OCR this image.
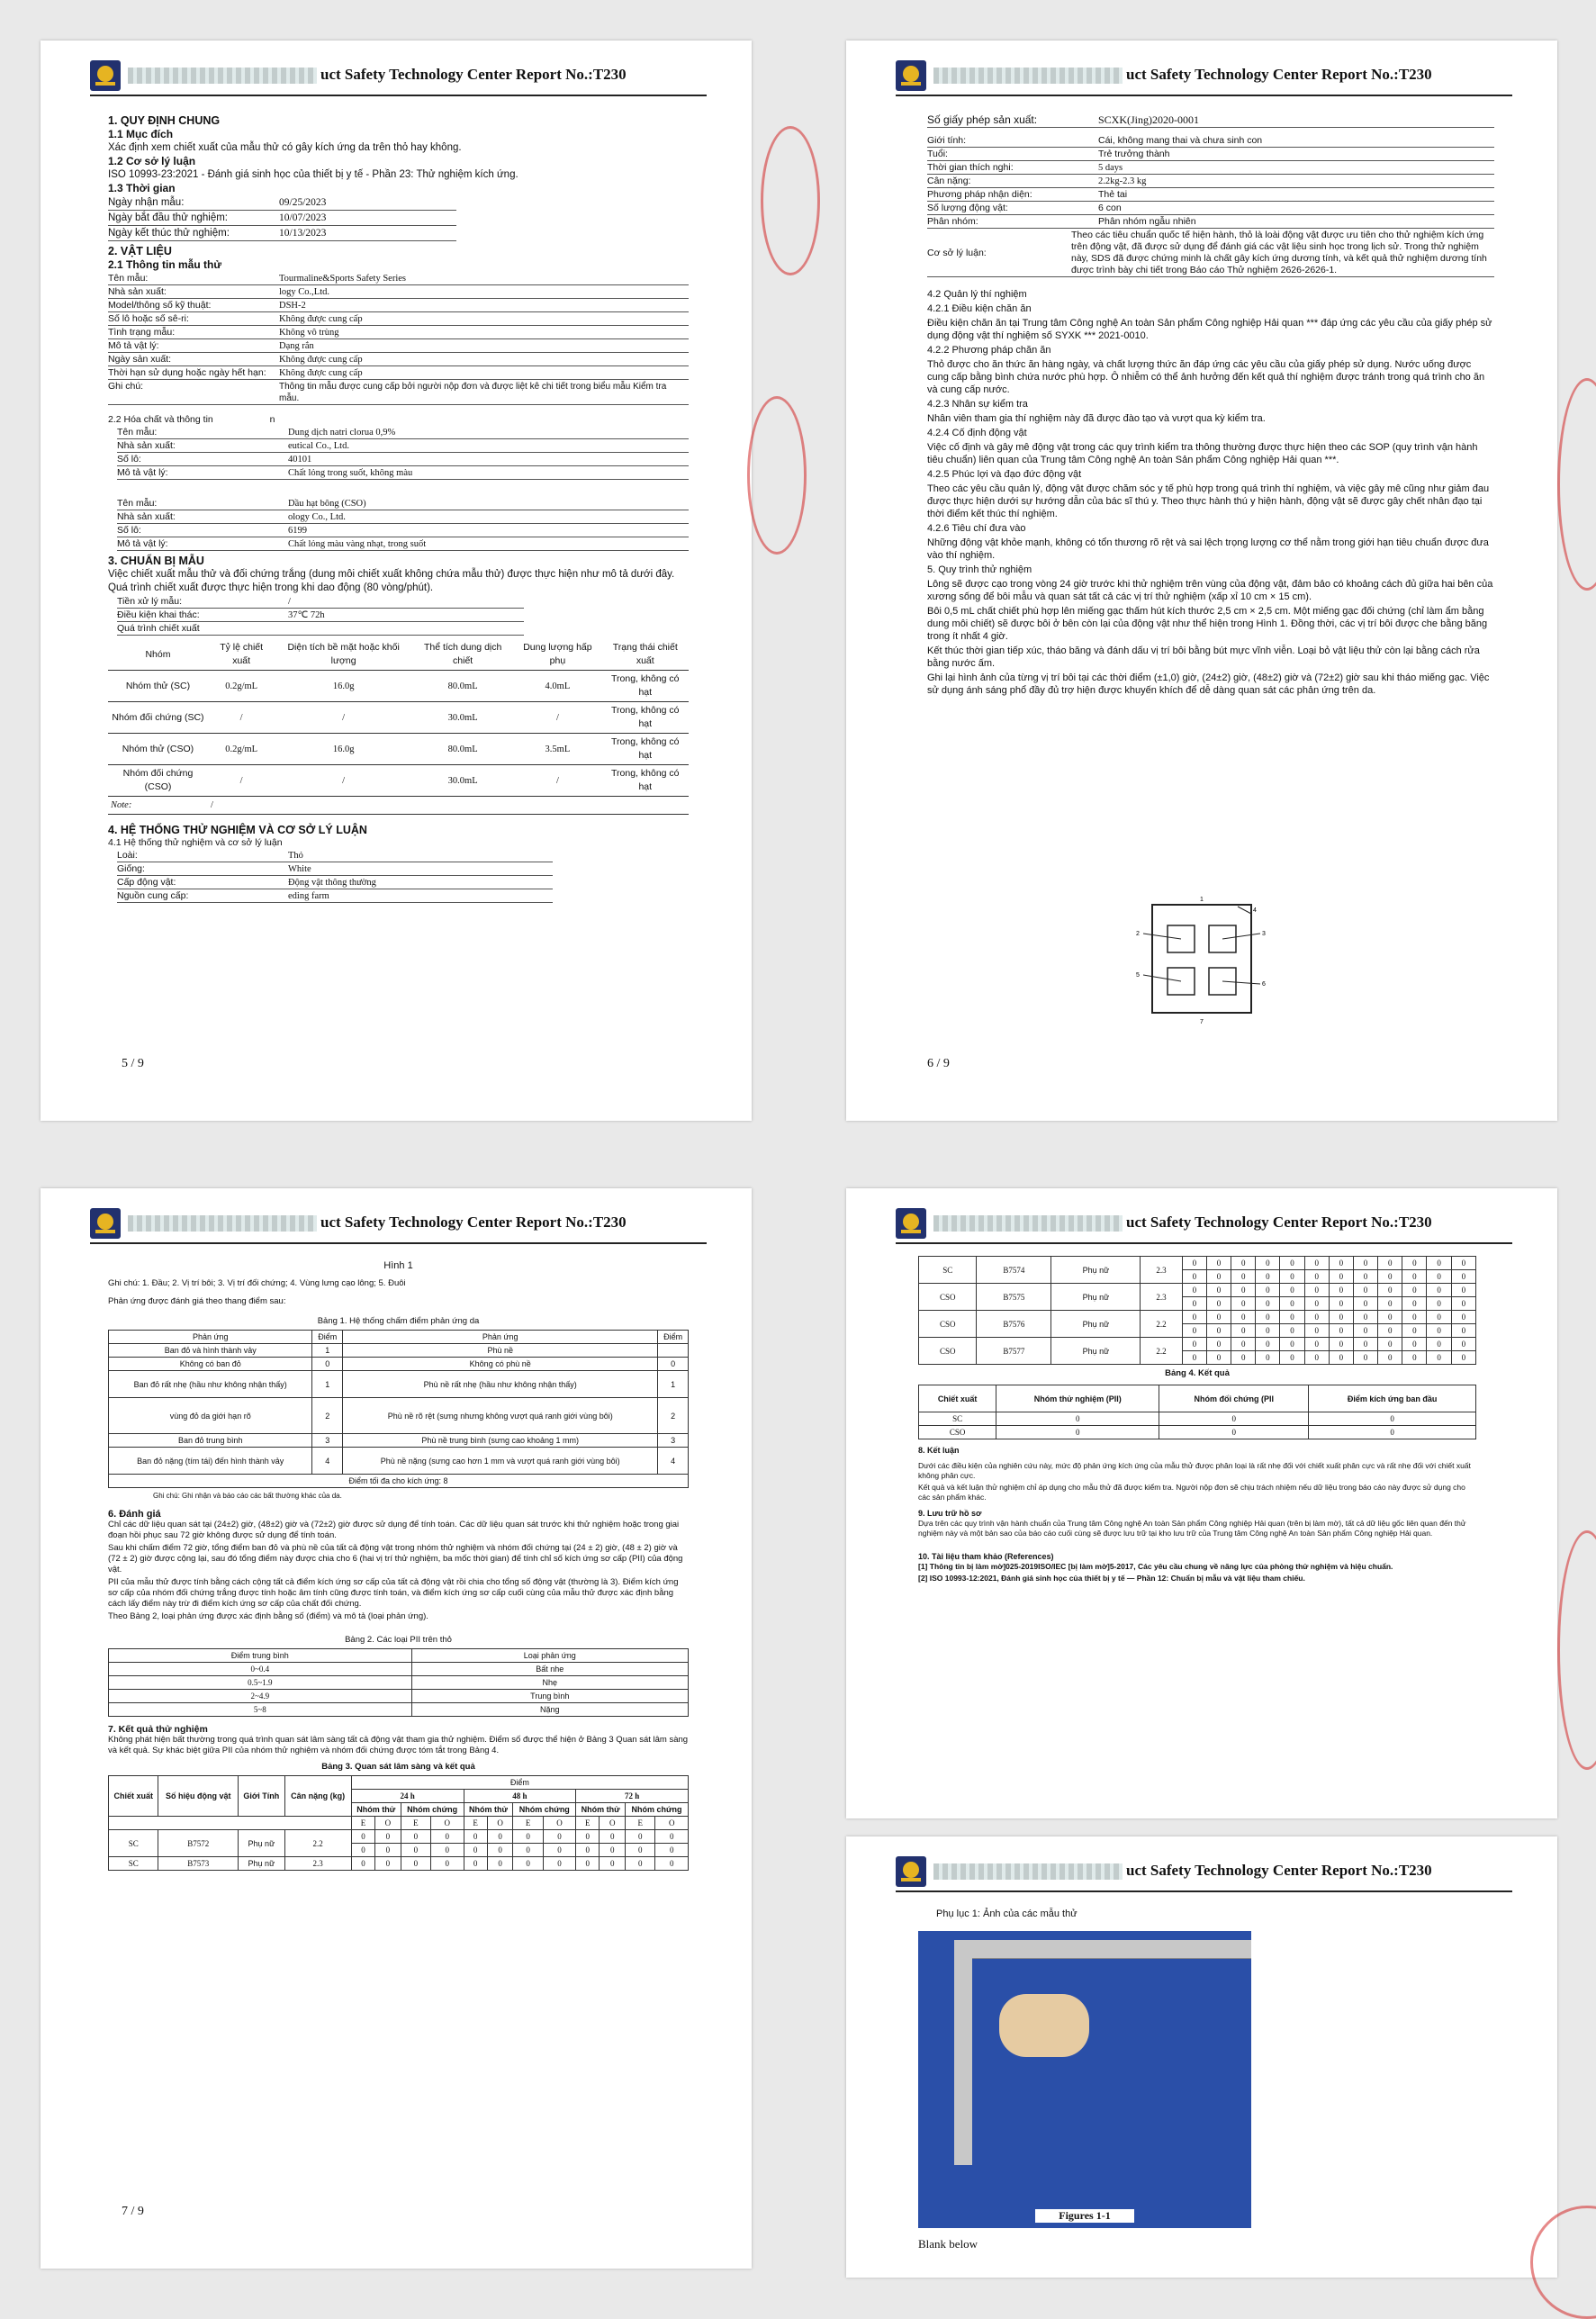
uct Safety Technology Center Report No.:T230
1. QUY ĐỊNH CHUNG
1.1 Mục đích
Xác định xem chiết xuất của mẫu thử có gây kích ứng da trên thỏ hay không.
1.2 Cơ sở lý luận
ISO 10993-23:2021 - Đánh giá sinh học của thiết bị y tế - Phần 23: Thử nghiệm kích ứng.
1.3 Thời gian
Ngày nhận mẫu:	09/25/2023
Ngày bắt đầu thử nghiệm:	10/07/2023
Ngày kết thúc thử nghiệm:	10/13/2023
2. VẬT LIỆU
2.1 Thông tin mẫu thử
Tên mẫu:	Tourmaline&Sports Safety Series
Nhà sản xuất:	logy Co.,Ltd.
Model/thông số kỹ thuật:	DSH-2
Số lô hoặc số sê-ri:	Không được cung cấp
Tình trạng mẫu:	Không vô trùng
Mô tả vật lý:	Dạng rắn
Ngày sản xuất:	Không được cung cấp
Thời hạn sử dụng hoặc ngày hết hạn:	Không được cung cấp
Ghi chú:	Thông tin mẫu được cung cấp bởi người nộp đơn và được liệt kê chi tiết trong biểu mẫu Kiểm tra mẫu.
2.2 Hóa chất và thông tin	n
Tên mẫu:	Dung dịch natri clorua 0,9%
Nhà sản xuất:	eutical Co., Ltd.
Số lô:	40101
Mô tả vật lý:	Chất lỏng trong suốt, không màu
Tên mẫu:	Dầu hạt bông (CSO)
Nhà sản xuất:	ology Co., Ltd.
Số lô:	6199
Mô tả vật lý:	Chất lỏng màu vàng nhạt, trong suốt
3. CHUẨN BỊ MẪU
Việc chiết xuất mẫu thử và đối chứng trắng (dung môi chiết xuất không chứa mẫu thử) được thực hiện như mô tả dưới đây. Quá trình chiết xuất được thực hiện trong khi dao động (80 vòng/phút).
Tiền xử lý mẫu:	/
Điều kiện khai thác:	37℃ 72h
Quá trình chiết xuất
Nhóm	Tỷ lệ chiết xuất	Diện tích bề mặt hoặc khối lượng	Thể tích dung dịch chiết	Dung lượng hấp phụ	Trạng thái chiết xuất
Nhóm thử (SC)	0.2g/mL	16.0g	80.0mL	4.0mL	Trong, không có hạt
Nhóm đối chứng (SC)	/	/	30.0mL	/	Trong, không có hạt
Nhóm thử (CSO)	0.2g/mL	16.0g	80.0mL	3.5mL	Trong, không có hạt
Nhóm đối chứng (CSO)	/	/	30.0mL	/	Trong, không có hạt
Note:	/				
4. HỆ THỐNG THỬ NGHIỆM VÀ CƠ SỞ LÝ LUẬN
4.1 Hệ thống thử nghiệm và cơ sở lý luận
Loài:	Thỏ
Giống:	White
Cấp động vật:	Động vật thông thường
Nguồn cung cấp:	eding farm
5 / 9
uct Safety Technology Center Report No.:T230
Số giấy phép sản xuất:	SCXK(Jing)2020-0001
Giới tính:	Cái, không mang thai và chưa sinh con
Tuổi:	Trẻ trưởng thành
Thời gian thích nghi:	5 days
Cân nặng:	2.2kg-2.3 kg
Phương pháp nhận diện:	Thẻ tai
Số lượng động vật:	6 con
Phân nhóm:	Phân nhóm ngẫu nhiên
Cơ sở lý luận:
Theo các tiêu chuẩn quốc tế hiện hành, thỏ là loài động vật được ưu tiên cho thử nghiệm kích ứng trên động vật, đã được sử dụng để đánh giá các vật liệu sinh học trong lịch sử. Trong thử nghiệm này, SDS đã được chứng minh là chất gây kích ứng dương tính, và kết quả thử nghiệm dương tính được trình bày chi tiết trong Báo cáo Thử nghiệm 2626-2626-1.

4.2 Quản lý thí nghiệm

4.2.1 Điều kiện chăn ăn

Điều kiện chăn ăn tại Trung tâm Công nghệ An toàn Sản phẩm Công nghiệp Hải quan *** đáp ứng các yêu cầu của giấy phép sử dụng động vật thí nghiệm số SYXK *** 2021-0010.

4.2.2 Phương pháp chăn ăn

Thỏ được cho ăn thức ăn hàng ngày, và chất lượng thức ăn đáp ứng các yêu cầu của giấy phép sử dụng. Nước uống được cung cấp bằng bình chứa nước phù hợp. Ô nhiễm có thể ảnh hưởng đến kết quả thí nghiệm được tránh trong quá trình cho ăn và cung cấp nước.

4.2.3 Nhân sự kiểm tra

Nhân viên tham gia thí nghiệm này đã được đào tạo và vượt qua kỳ kiểm tra.

4.2.4 Cố định động vật

Việc cố định và gây mê động vật trong các quy trình kiểm tra thông thường được thực hiện theo các SOP (quy trình vận hành tiêu chuẩn) liên quan của Trung tâm Công nghệ An toàn Sản phẩm Công nghiệp Hải quan ***.

4.2.5 Phúc lợi và đạo đức động vật

Theo các yêu cầu quản lý, động vật được chăm sóc y tế phù hợp trong quá trình thí nghiệm, và việc gây mê cũng như giảm đau được thực hiện dưới sự hướng dẫn của bác sĩ thú y. Theo thực hành thú y hiện hành, động vật sẽ được gây chết nhân đạo tại thời điểm kết thúc thí nghiệm.

4.2.6 Tiêu chí đưa vào

Những động vật khỏe mạnh, không có tổn thương rõ rệt và sai lệch trọng lượng cơ thể nằm trong giới hạn tiêu chuẩn được đưa vào thí nghiệm.

5. Quy trình thử nghiệm

Lông sẽ được cạo trong vòng 24 giờ trước khi thử nghiệm trên vùng của động vật, đảm bảo có khoảng cách đủ giữa hai bên của xương sống để bôi mẫu và quan sát tất cả các vị trí thử nghiệm (xấp xỉ 10 cm × 15 cm).

Bôi 0,5 mL chất chiết phù hợp lên miếng gạc thấm hút kích thước 2,5 cm × 2,5 cm. Một miếng gạc đối chứng (chỉ làm ẩm bằng dung môi chiết) sẽ được bôi ở bên còn lại của động vật như thể hiện trong Hình 1. Đồng thời, các vị trí bôi được che bằng băng trong ít nhất 4 giờ.

Kết thúc thời gian tiếp xúc, tháo băng và đánh dấu vị trí bôi bằng bút mực vĩnh viễn. Loại bỏ vật liệu thử còn lại bằng cách rửa bằng nước ấm.

Ghi lại hình ảnh của từng vị trí bôi tại các thời điểm (±1,0) giờ, (24±2) giờ, (48±2) giờ và (72±2) giờ sau khi tháo miếng gạc. Việc sử dụng ánh sáng phổ đầy đủ trợ hiện được khuyến khích để dễ dàng quan sát các phản ứng trên da.

1
2	3
4
5
6
7
6 / 9
uct Safety Technology Center Report No.:T230
Hình 1
Ghi chú: 1. Đầu; 2. Vị trí bôi; 3. Vị trí đối chứng; 4. Vùng lưng cạo lông; 5. Đuôi
Phản ứng được đánh giá theo thang điểm sau:
Bảng 1. Hệ thống chấm điểm phản ứng da
Phản ứng	Điểm	Phản ứng	Điểm
Ban đỏ và hình thành vảy	1	Phù nề	
Không có ban đỏ	0	Không có phù nề	0
Ban đỏ rất nhẹ (hầu như không nhận thấy)	1	Phù nề rất nhẹ (hầu như không nhận thấy)	1
vùng đỏ da giới hạn rõ	2	Phù nề rõ rệt (sưng nhưng không vượt quá ranh giới vùng bôi)	2
Ban đỏ trung bình	3	Phù nề trung bình (sưng cao khoảng 1 mm)	3
Ban đỏ nặng (tím tái) đến hình thành vảy	4	Phù nề nặng (sưng cao hơn 1 mm và vượt quá ranh giới vùng bôi)	4
Điểm tối đa cho kích ứng: 8			
Ghi chú: Ghi nhận và báo cáo các bất thường khác của da.
6. Đánh giá

Chỉ các dữ liệu quan sát tại (24±2) giờ, (48±2) giờ và (72±2) giờ được sử dụng để tính toán. Các dữ liệu quan sát trước khi thử nghiệm hoặc trong giai đoạn hồi phục sau 72 giờ không được sử dụng để tính toán.

Sau khi chấm điểm 72 giờ, tổng điểm ban đỏ và phù nề của tất cả động vật trong nhóm thử nghiệm và nhóm đối chứng tại (24 ± 2) giờ, (48 ± 2) giờ và (72 ± 2) giờ được cộng lại, sau đó tổng điểm này được chia cho 6 (hai vị trí thử nghiệm, ba mốc thời gian) để tính chỉ số kích ứng sơ cấp (PII) của động vật.

PII của mẫu thử được tính bằng cách cộng tất cả điểm kích ứng sơ cấp của tất cả động vật rồi chia cho tổng số động vật (thường là 3). Điểm kích ứng sơ cấp của nhóm đối chứng trắng được tính hoặc âm tính cũng được tính toán, và điểm kích ứng sơ cấp cuối cùng của mẫu thử được xác định bằng cách lấy điểm này trừ đi điểm kích ứng sơ cấp của chất đối chứng.

Theo Bảng 2, loại phản ứng được xác định bằng số (điểm) và mô tả (loại phản ứng).

Bảng 2. Các loại PII trên thỏ
Điểm trung bình	Loại phản ứng
0~0.4	Bất nhe
0.5~1.9	Nhẹ
2~4.9	Trung bình
5~8	Nặng
7. Kết quả thử nghiệm

Không phát hiện bất thường trong quá trình quan sát lâm sàng tất cả động vật tham gia thử nghiệm. Điểm số được thể hiện ở Bảng 3 Quan sát lâm sàng và kết quả. Sự khác biệt giữa PII của nhóm thử nghiệm và nhóm đối chứng được tóm tắt trong Bảng 4.

Bảng 3. Quan sát lâm sàng và kết quả
Chiết xuất	Số hiệu động vật	Giới Tính	Cân nặng (kg)	Điểm											
				24 h				48 h				72 h			
				Nhóm thử		Nhóm chứng		Nhóm thử		Nhóm chứng		Nhóm thử		Nhóm chứng	
				E	O	E	O	E	O	E	O	E	O	E	O
SC	B7572	Phụ nữ	2.2	0	0	0	0	0	0	0	0	0	0	0	0
				0	0	0	0	0	0	0	0	0	0	0	0
SC	B7573	Phụ nữ	2.3	0	0	0	0	0	0	0	0	0	0	0	0
7 / 9
uct Safety Technology Center Report No.:T230
SC	B7574	Phụ nữ	2.3	0	0	0	0	0	0	0	0	0	0	0	0
				0	0	0	0	0	0	0	0	0	0	0	0
CSO	B7575	Phụ nữ	2.3	0	0	0	0	0	0	0	0	0	0	0	0
				0	0	0	0	0	0	0	0	0	0	0	0
CSO	B7576	Phụ nữ	2.2	0	0	0	0	0	0	0	0	0	0	0	0
				0	0	0	0	0	0	0	0	0	0	0	0
CSO	B7577	Phụ nữ	2.2	0	0	0	0	0	0	0	0	0	0	0	0
				0	0	0	0	0	0	0	0	0	0	0	0
Bảng 4. Kết quả
Chiết xuất	Nhóm thử nghiệm (PII)	Nhóm đối chứng (PII	Điểm kích ứng ban đầu
SC	0	0	0
CSO	0	0	0
8. Kết luận

Dưới các điều kiện của nghiên cứu này, mức độ phản ứng kích ứng của mẫu thử được phân loại là rất nhẹ đối với chiết xuất phân cực và rất nhẹ đối với chiết xuất không phân cực.

Kết quả và kết luận thử nghiệm chỉ áp dụng cho mẫu thử đã được kiểm tra. Người nộp đơn sẽ chịu trách nhiệm nếu dữ liệu trong báo cáo này được sử dụng cho các sản phẩm khác.

9. Lưu trữ hồ sơ

Dựa trên các quy trình vận hành chuẩn của Trung tâm Công nghệ An toàn Sản phẩm Công nghiệp Hải quan (trên bị làm mờ), tất cả dữ liệu gốc liên quan đến thử nghiệm này và một bản sao của báo cáo cuối cùng sẽ được lưu trữ tại kho lưu trữ của Trung tâm Công nghệ An toàn Sản phẩm Công nghiệp Hải quan.

10. Tài liệu tham khảo (References)

[1] Thông tin bị làm mờ]025-2019ISO/IEC [bị làm mờ]5-2017, Các yêu cầu chung về năng lực của phòng thử nghiệm và hiệu chuẩn.

[2] ISO 10993-12:2021, Đánh giá sinh học của thiết bị y tế — Phần 12: Chuẩn bị mẫu và vật liệu tham chiếu.

uct Safety Technology Center Report No.:T230
Phụ lục 1: Ảnh của các mẫu thử
Figures 1-1
Blank below
